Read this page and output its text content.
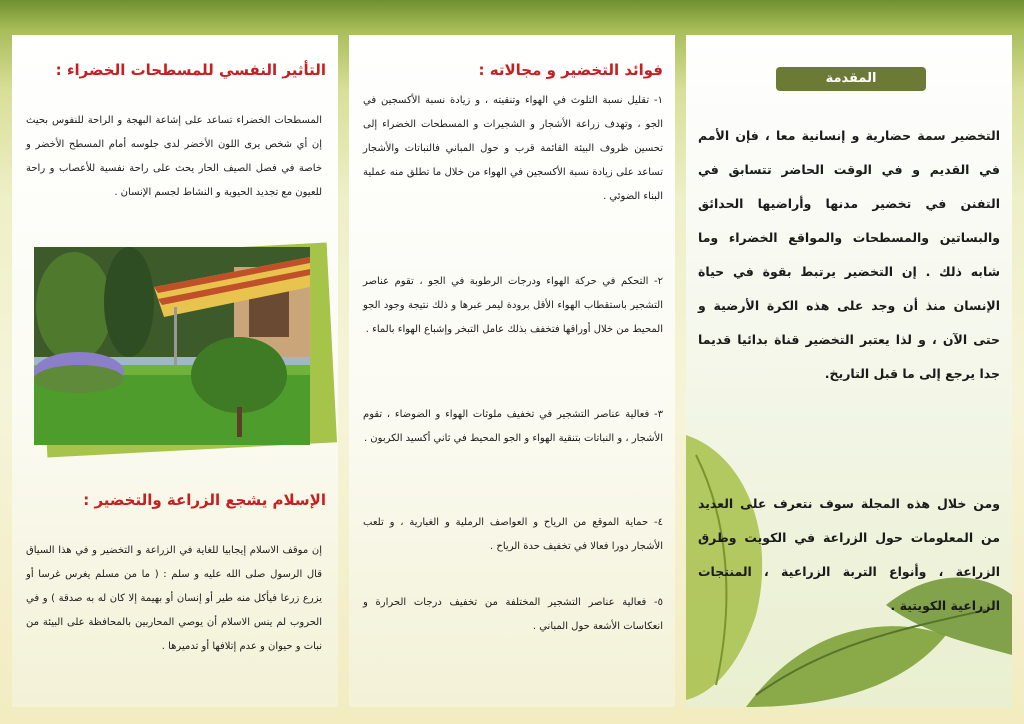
التأثير النفسي للمسطحات الخضراء :
المسطحات الخضراء تساعد على إشاعة البهجة و الراحة للنفوس بحيث إن أي شخص يرى اللون الأخضر لدى جلوسه أمام المسطح الأخضر و خاصة في فصل الصيف الحار يحث على راحة نفسية للأعصاب و راحة للعيون مع تجديد الحيوية و النشاط لجسم الإنسان .
الإسلام يشجع الزراعة والتخضير :
إن موقف الاسلام إيجابيا للغاية في الزراعة و التخضير و في هذا السياق قال الرسول صلى الله عليه و سلم : ( ما من مسلم يغرس غرسا أو يزرع زرعا فيأكل منه طير أو إنسان أو بهيمة إلا كان له به صدقة ) و في الحروب لم ينس الاسلام أن يوصي المحاربين بالمحافظة على البيئة من نبات و حيوان و عدم إتلافها أو تدميرها .
فوائد التخضير و مجالاته :
١- تقليل نسبة التلوث في الهواء وتنقيته ، و زيادة نسبة الأكسجين في الجو ، وتهدف زراعة الأشجار و الشجيرات و المسطحات الخضراء إلى تحسين ظروف البيئة القائمة قرب و حول المباني فالنباتات والأشجار تساعد على زيادة نسبة الأكسجين في الهواء من خلال ما تطلق منه عملية البناء الضوئي .
٢- التحكم في حركة الهواء ودرجات الرطوبة في الجو ، تقوم عناصر التشجير باستقطاب الهواء الأقل برودة ليمر عبرها و ذلك نتيجة وجود الجو المحيط من خلال أوراقها فتخفف بذلك عامل التبخر وإشباع الهواء بالماء .
٣- فعالية عناصر التشجير في تخفيف ملوثات الهواء و الضوضاء ، تقوم الأشجار ، و النباتات بتنقية الهواء و الجو المحيط في ثاني أكسيد الكربون .
٤- حماية الموقع من الرياح و العواصف الرملية و الغبارية ، و تلعب الأشجار دورا فعالا في تخفيف حدة الرياح .
٥- فعالية عناصر التشجير المختلفة من تخفيف درجات الحرارة و انعكاسات الأشعة حول المباني .
المقدمة
التخضير سمة حضارية و إنسانية معا ، فإن الأمم في القديم و في الوقت الحاضر تتسابق في التفنن في تخضير مدنها وأراضيها الحدائق والبساتين والمسطحات والمواقع الخضراء وما شابه ذلك . إن التخضير يرتبط بقوة في حياة الإنسان منذ أن وجد على هذه الكرة الأرضية و حتى الآن ، و لذا يعتبر التخضير قناة بدائيا قديما جدا يرجع إلى ما قبل التاريخ.
ومن خلال هذه المجلة سوف نتعرف على العديد من المعلومات حول الزراعة في الكويت وطرق الزراعة ، وأنواع التربة الزراعية ، المنتجات الزراعية الكويتية .
